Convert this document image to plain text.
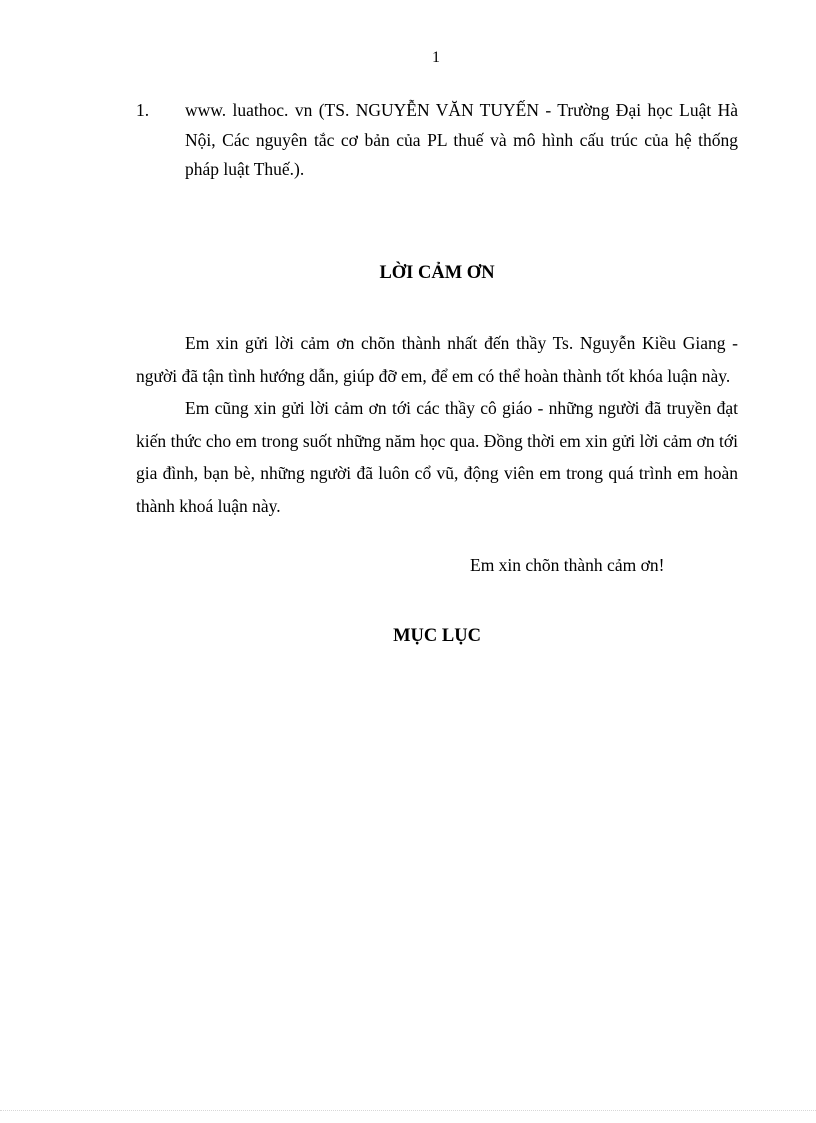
1
1. www. luathoc. vn (TS. NGUYỄN VĂN TUYẾN - Trường Đại học Luật Hà Nội, Các nguyên tắc cơ bản của PL thuế và mô hình cấu trúc của hệ thống pháp luật Thuế.).
LỜI CẢM ƠN

Em xin gửi lời cảm ơn chõn thành nhất đến thầy Ts. Nguyễn Kiều Giang - người đã tận tình hướng dẫn, giúp đỡ em, để em có thể hoàn thành tốt khóa luận này.

Em cũng xin gửi lời cảm ơn tới các thầy cô giáo - những người đã truyền đạt kiến thức cho em trong suốt những năm học qua. Đồng thời em xin gửi lời cảm ơn tới gia đình, bạn bè, những người đã luôn cổ vũ, động viên em trong quá trình em hoàn thành khoá luận này.

Em xin chõn thành cảm ơn!
MỤC LỤC
